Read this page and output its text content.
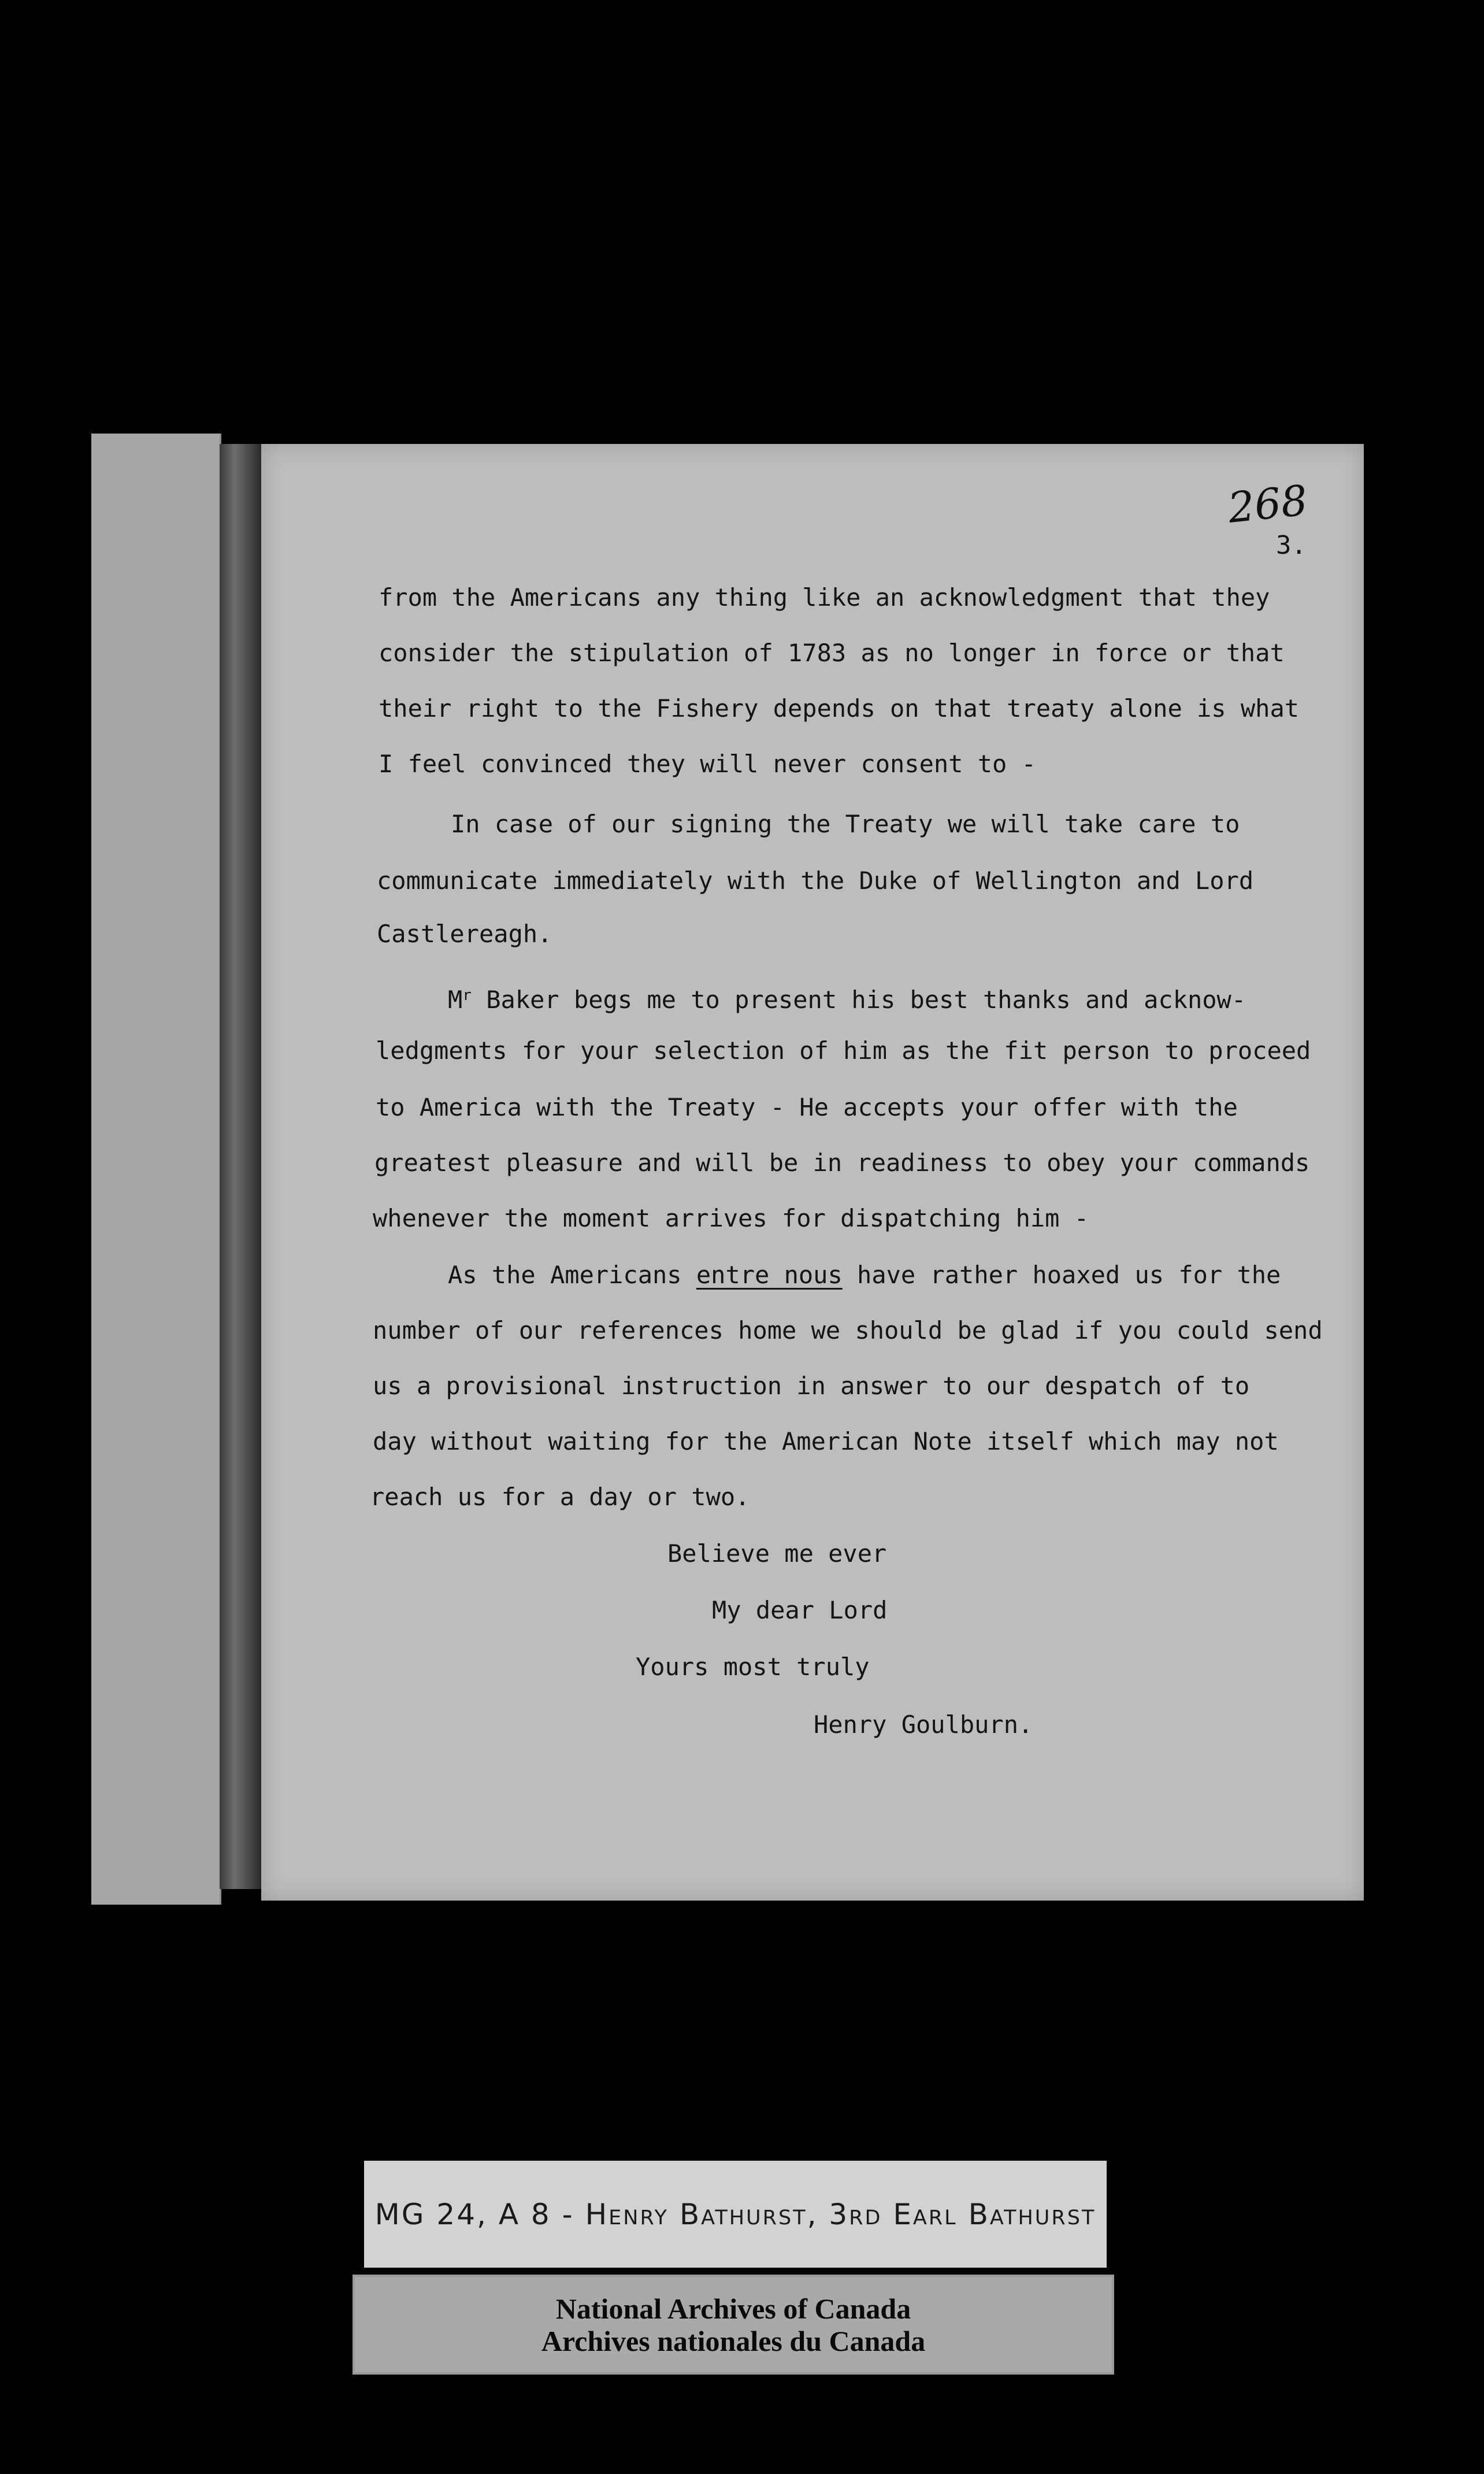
268
3.
from the Americans any thing like an acknowledgment that they
consider the stipulation of 1783 as no longer in force or that
their right to the Fishery depends on that treaty alone is what
I feel convinced they will never consent to -
In case of our signing the Treaty we will take care to
communicate immediately with the Duke of Wellington and Lord
Castlereagh.
$M^r$ Baker begs me to present his best thanks and acknow-
ledgments for your selection of him as the fit person to proceed
to America with the Treaty - He accepts your offer with the
greatest pleasure and will be in readiness to obey your commands
whenever the moment arrives for dispatching him -
As the Americans entre nous have rather hoaxed us for the
number of our references home we should be glad if you could send
us a provisional instruction in answer to our despatch of to
day without waiting for the American Note itself which may not
reach us for a day or two.
Believe me ever
My dear Lord
Yours most truly
Henry Goulburn.
MG 24, A 8 - Henry Bathurst, 3rd Earl Bathurst
National Archives of Canada
Archives nationales du Canada
